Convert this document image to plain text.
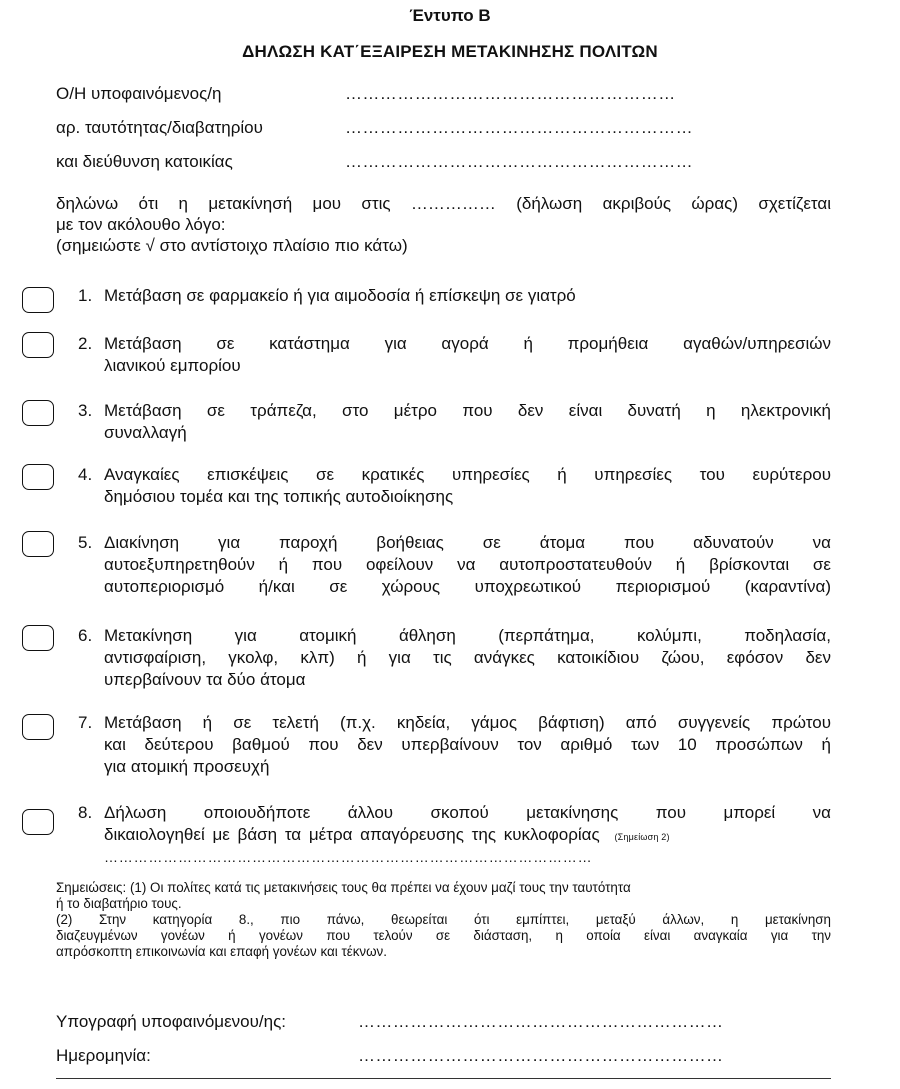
Έντυπο Β
ΔΗΛΩΣΗ ΚΑΤ΄ΕΞΑΙΡΕΣΗ ΜΕΤΑΚΙΝΗΣΗΣ ΠΟΛΙΤΩΝ
Ο/Η υποφαινόμενος/η	…………………………………………………
αρ. ταυτότητας/διαβατηρίου	……………………………………………………
και διεύθυνση κατοικίας	……………………………………………………
δηλώνω ότι η μετακίνησή μου στις …………… (δήλωση ακριβούς ώρας) σχετίζεται
με τον ακόλουθο λόγο:
(σημειώστε √ στο αντίστοιχο πλαίσιο πιο κάτω)
1. Μετάβαση σε φαρμακείο ή για αιμοδοσία ή επίσκεψη σε γιατρό
2. Μετάβαση σε κατάστημα για αγορά ή προμήθεια αγαθών/υπηρεσιών
λιανικού εμπορίου
3. Μετάβαση σε τράπεζα, στο μέτρο που δεν είναι δυνατή η ηλεκτρονική
συναλλαγή
4. Αναγκαίες επισκέψεις σε κρατικές υπηρεσίες ή υπηρεσίες του ευρύτερου
δημόσιου τομέα και της τοπικής αυτοδιοίκησης
5. Διακίνηση για παροχή βοήθειας σε άτομα που αδυνατούν να
αυτοεξυπηρετηθούν ή που οφείλουν να αυτοπροστατευθούν ή βρίσκονται σε
αυτοπεριορισμό ή/και σε χώρους υποχρεωτικού περιορισμού (καραντίνα)
6. Μετακίνηση για ατομική άθληση (περπάτημα, κολύμπι, ποδηλασία,
αντισφαίριση, γκολφ, κλπ) ή για τις ανάγκες κατοικίδιου ζώου, εφόσον δεν
υπερβαίνουν τα δύο άτομα
7. Μετάβαση ή σε τελετή (π.χ. κηδεία, γάμος βάφτιση) από συγγενείς πρώτου
και δεύτερου βαθμού που δεν υπερβαίνουν τον αριθμό των 10 προσώπων ή
για ατομική προσευχή
8. Δήλωση οποιουδήποτε άλλου σκοπού μετακίνησης που μπορεί να
δικαιολογηθεί με βάση τα μέτρα απαγόρευσης της κυκλοφορίας (Σημείωση 2)
………………………………………………………………………………………
Σημειώσεις: (1) Οι πολίτες κατά τις μετακινήσεις τους θα πρέπει να έχουν μαζί τους την ταυτότητα
ή το διαβατήριο τους.
(2) Στην κατηγορία 8., πιο πάνω, θεωρείται ότι εμπίπτει, μεταξύ άλλων, η μετακίνηση
διαζευγμένων γονέων ή γονέων που τελούν σε διάσταση, η οποία είναι αναγκαία για την
απρόσκοπτη επικοινωνία και επαφή γονέων και τέκνων.
Υπογραφή υποφαινόμενου/ης:	………………………………………………………
Ημερομηνία:	………………………………………………………
